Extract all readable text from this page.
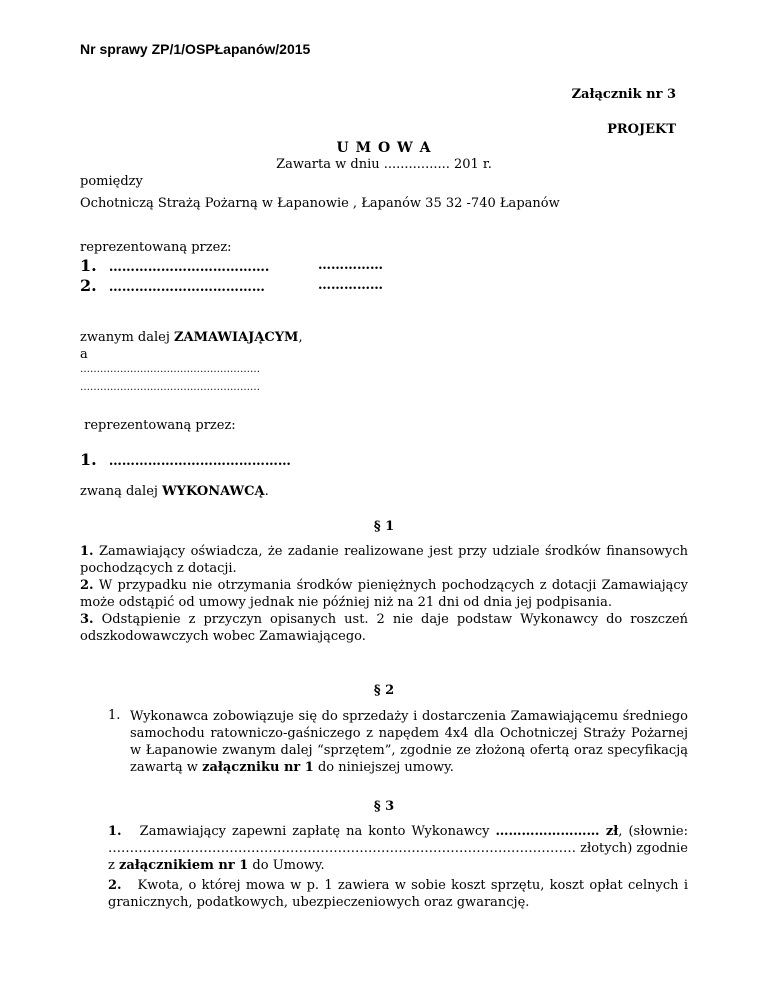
Nr sprawy ZP/1/OSPŁapanów/2015
Załącznik nr 3
PROJEKT
U M O W A
Zawarta w dniu ................ 201 r.
pomiędzy
Ochotniczą Strażą Pożarną w Łapanowie , Łapanów 35 32 -740 Łapanów
reprezentowaną przez:
1. ……………………………….	……………
2. ………………………………	……………
zwanym dalej ZAMAWIAJĄCYM,
a
………………………………………………
………………………………………………
reprezentowaną przez:
1. ……………………………………
zwaną dalej WYKONAWCĄ.
§ 1
1. Zamawiający oświadcza, że zadanie realizowane jest przy udziale środków finansowych pochodzących z dotacji.
2. W przypadku nie otrzymania środków pieniężnych pochodzących z dotacji Zamawiający może odstąpić od umowy jednak nie później niż na 21 dni od dnia jej podpisania.
3. Odstąpienie z przyczyn opisanych ust. 2 nie daje podstaw Wykonawcy do roszczeń odszkodowawczych wobec Zamawiającego.
§ 2
1. Wykonawca zobowiązuje się do sprzedaży i dostarczenia Zamawiającemu średniego samochodu ratowniczo-gaśniczego z napędem 4x4 dla Ochotniczej Straży Pożarnej w Łapanowie zwanym dalej “sprzętem”, zgodnie ze złożoną ofertą oraz specyfikacją zawartą w załączniku nr 1 do niniejszej umowy.
§ 3
1. Zamawiający zapewni zapłatę na konto Wykonawcy …………………… zł, (słownie: ……………………………………………………………………………………………… złotych) zgodnie z załącznikiem nr 1 do Umowy.
2. Kwota, o której mowa w p. 1 zawiera w sobie koszt sprzętu, koszt opłat celnych i granicznych, podatkowych, ubezpieczeniowych oraz gwarancję.
